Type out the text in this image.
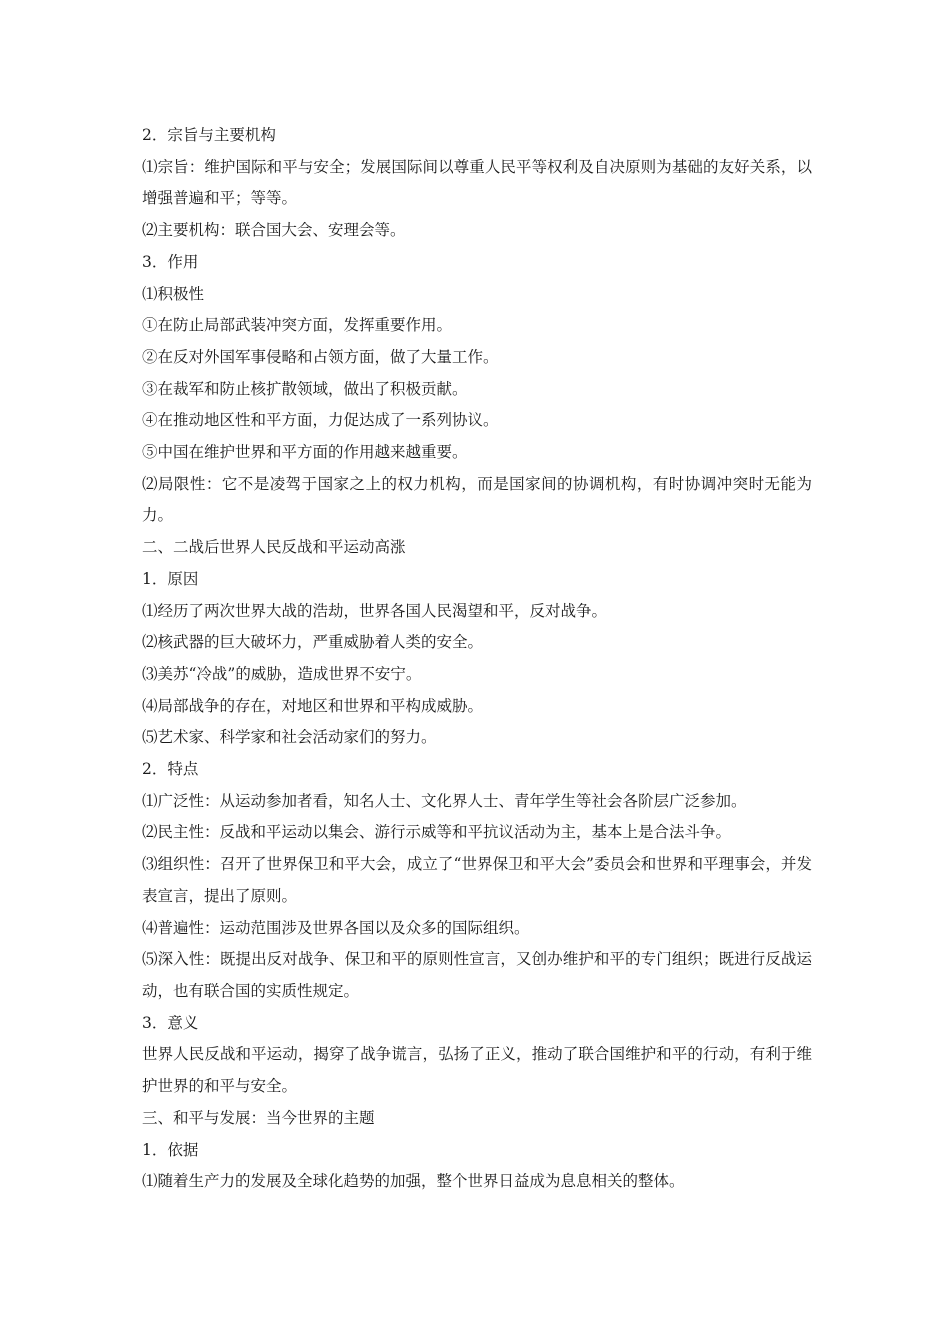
2．宗旨与主要机构
⑴宗旨：维护国际和平与安全；发展国际间以尊重人民平等权利及自决原则为基础的友好关系，以增强普遍和平；等等。
⑵主要机构：联合国大会、安理会等。
3．作用
⑴积极性
①在防止局部武装冲突方面，发挥重要作用。
②在反对外国军事侵略和占领方面，做了大量工作。
③在裁军和防止核扩散领域，做出了积极贡献。
④在推动地区性和平方面，力促达成了一系列协议。
⑤中国在维护世界和平方面的作用越来越重要。
⑵局限性：它不是凌驾于国家之上的权力机构，而是国家间的协调机构，有时协调冲突时无能为力。
二、二战后世界人民反战和平运动高涨
1．原因
⑴经历了两次世界大战的浩劫，世界各国人民渴望和平，反对战争。
⑵核武器的巨大破坏力，严重威胁着人类的安全。
⑶美苏“冷战”的威胁，造成世界不安宁。
⑷局部战争的存在，对地区和世界和平构成威胁。
⑸艺术家、科学家和社会活动家们的努力。
2．特点
⑴广泛性：从运动参加者看，知名人士、文化界人士、青年学生等社会各阶层广泛参加。
⑵民主性：反战和平运动以集会、游行示威等和平抗议活动为主，基本上是合法斗争。
⑶组织性：召开了世界保卫和平大会，成立了“世界保卫和平大会”委员会和世界和平理事会，并发表宣言，提出了原则。
⑷普遍性：运动范围涉及世界各国以及众多的国际组织。
⑸深入性：既提出反对战争、保卫和平的原则性宣言，又创办维护和平的专门组织；既进行反战运动，也有联合国的实质性规定。
3．意义
世界人民反战和平运动，揭穿了战争谎言，弘扬了正义，推动了联合国维护和平的行动，有利于维护世界的和平与安全。
三、和平与发展：当今世界的主题
1．依据
⑴随着生产力的发展及全球化趋势的加强，整个世界日益成为息息相关的整体。
